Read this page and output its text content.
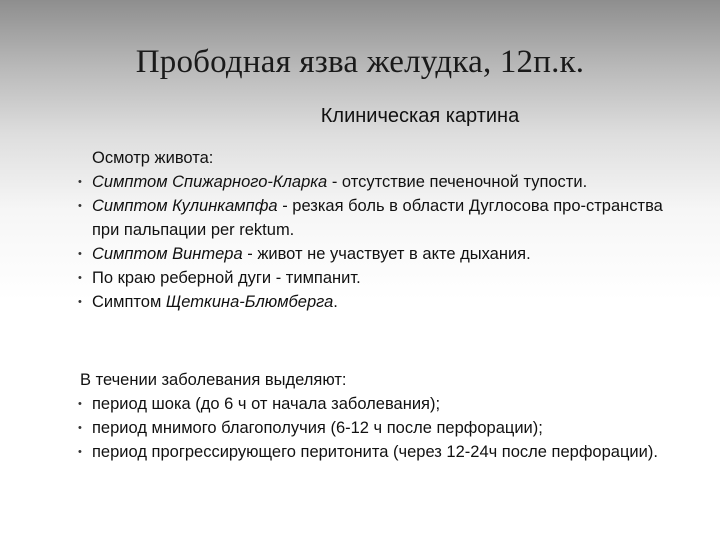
Прободная язва желудка, 12п.к.
Клиническая картина

Осмотр живота:

• Симптом Спижарного-Кларка - отсутствие печеночной тупости.
• Симптом Кулинкампфа - резкая боль в области Дуглосова про-странства при пальпации per rektum.
• Симптом Винтера - живот не участвует в акте дыхания.
• По краю реберной дуги - тимпанит.
• Симптом Щеткина-Блюмберга.

В течении заболевания выделяют:

• период шока (до 6 ч от начала заболевания);
• период мнимого благополучия (6-12 ч после перфорации);
• период прогрессирующего перитонита (через 12-24ч после перфорации).
